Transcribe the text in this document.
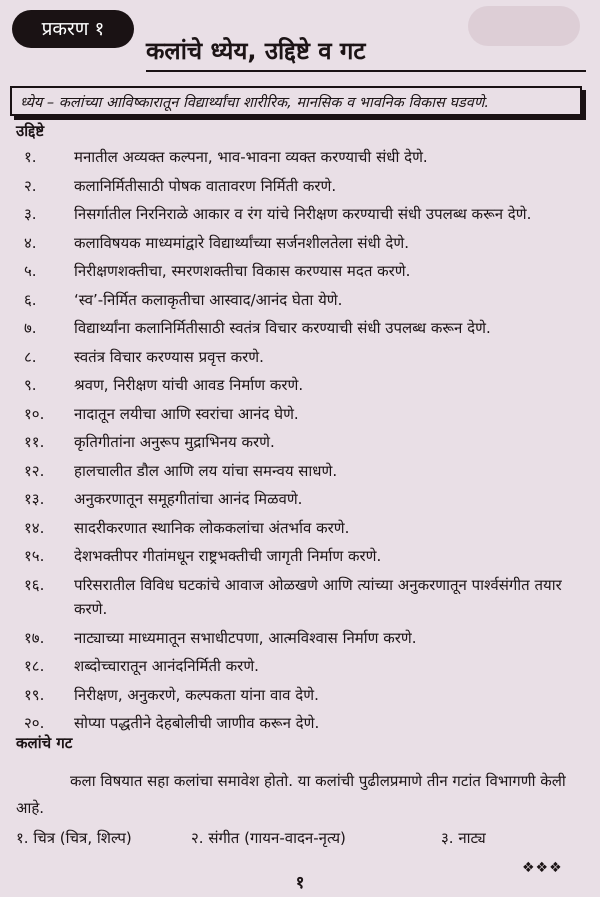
प्रकरण १
कलांचे ध्येय, उद्दिष्टे व गट
ध्येय – कलांच्या आविष्कारातून विद्यार्थ्यांचा शारीरिक, मानसिक व भावनिक विकास घडवणे.
उद्दिष्टे
१.	मनातील अव्यक्त कल्पना, भाव-भावना व्यक्त करण्याची संधी देणे.
२.	कलानिर्मितीसाठी पोषक वातावरण निर्मिती करणे.
३.	निसर्गातील निरनिराळे आकार व रंग यांचे निरीक्षण करण्याची संधी उपलब्ध करून देणे.
४.	कलाविषयक माध्यमांद्वारे विद्यार्थ्यांच्या सर्जनशीलतेला संधी देणे.
५.	निरीक्षणशक्तीचा, स्मरणशक्तीचा विकास करण्यास मदत करणे.
६.	‘स्व’-निर्मित कलाकृतीचा आस्वाद/आनंद घेता येणे.
७.	विद्यार्थ्यांना कलानिर्मितीसाठी स्वतंत्र विचार करण्याची संधी उपलब्ध करून देणे.
८.	स्वतंत्र विचार करण्यास प्रवृत्त करणे.
९.	श्रवण, निरीक्षण यांची आवड निर्माण करणे.
१०.	नादातून लयीचा आणि स्वरांचा आनंद घेणे.
११.	कृतिगीतांना अनुरूप मुद्राभिनय करणे.
१२.	हालचालीत डौल आणि लय यांचा समन्वय साधणे.
१३.	अनुकरणातून समूहगीतांचा आनंद मिळवणे.
१४.	सादरीकरणात स्थानिक लोककलांचा अंतर्भाव करणे.
१५.	देशभक्तीपर गीतांमधून राष्ट्रभक्तीची जागृती निर्माण करणे.
१६.	परिसरातील विविध घटकांचे आवाज ओळखणे आणि त्यांच्या अनुकरणातून पार्श्वसंगीत तयार करणे.
१७.	नाट्याच्या माध्यमातून सभाधीटपणा, आत्मविश्वास निर्माण करणे.
१८.	शब्दोच्चारातून आनंदनिर्मिती करणे.
१९.	निरीक्षण, अनुकरणे, कल्पकता यांना वाव देणे.
२०.	सोप्या पद्धतीने देहबोलीची जाणीव करून देणे.
कलांचे गट
कला विषयात सहा कलांचा समावेश होतो. या कलांची पुढीलप्रमाणे तीन गटांत विभागणी केली आहे.
१. चित्र (चित्र, शिल्प)	२. संगीत (गायन-वादन-नृत्य)	३. नाट्य
❖❖❖
१
